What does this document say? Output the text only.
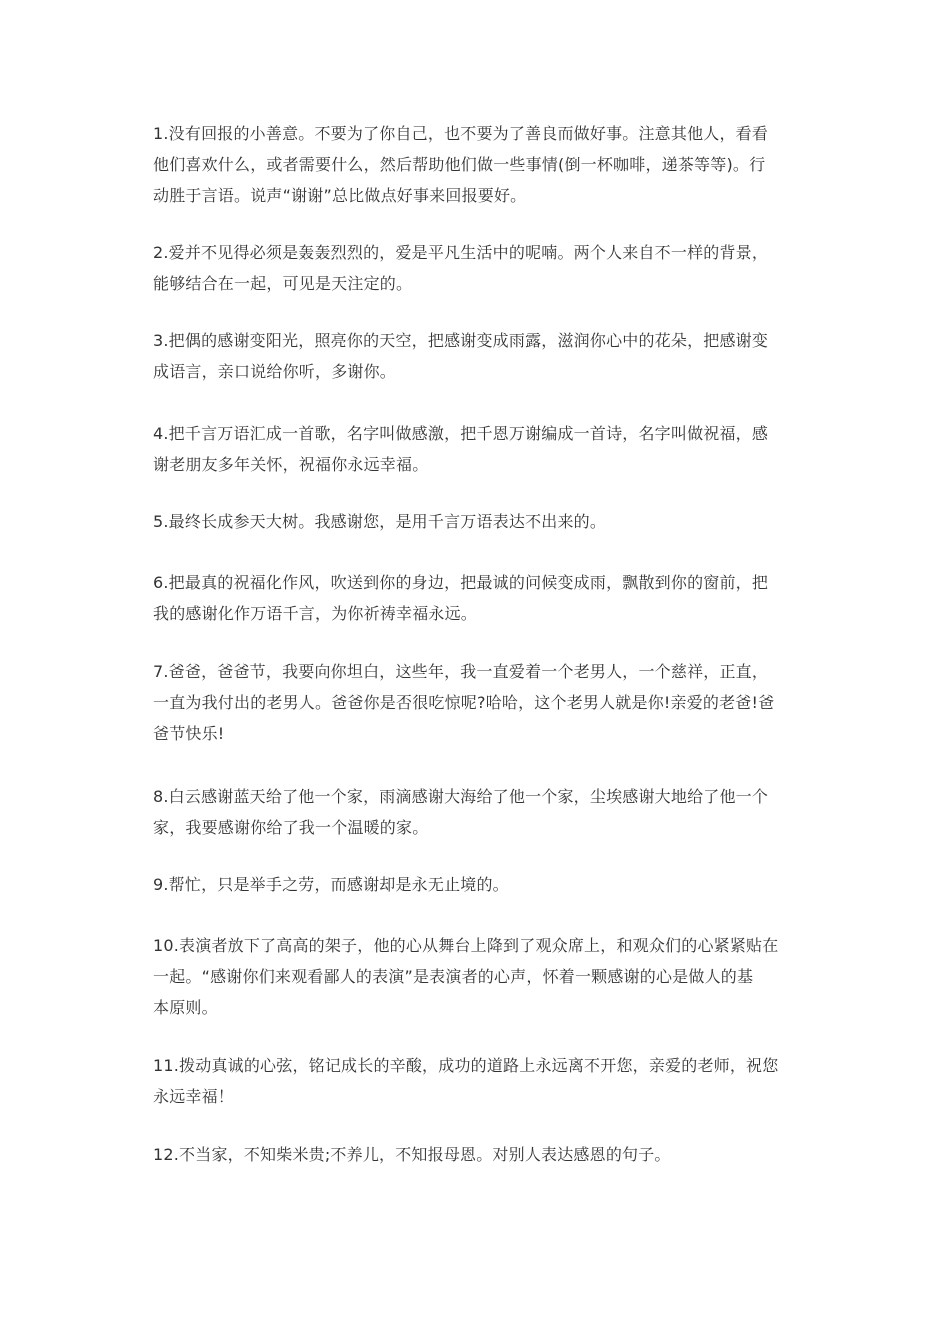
1.没有回报的小善意。不要为了你自己，也不要为了善良而做好事。注意其他人，看看
他们喜欢什么，或者需要什么，然后帮助他们做一些事情(倒一杯咖啡，递茶等等)。行
动胜于言语。说声“谢谢”总比做点好事来回报要好。
2.爱并不见得必须是轰轰烈烈的，爱是平凡生活中的呢喃。两个人来自不一样的背景，
能够结合在一起，可见是天注定的。
3.把偶的感谢变阳光，照亮你的天空，把感谢变成雨露，滋润你心中的花朵，把感谢变
成语言，亲口说给你听，多谢你。
4.把千言万语汇成一首歌，名字叫做感激，把千恩万谢编成一首诗，名字叫做祝福，感
谢老朋友多年关怀，祝福你永远幸福。
5.最终长成参天大树。我感谢您，是用千言万语表达不出来的。
6.把最真的祝福化作风，吹送到你的身边，把最诚的问候变成雨，飘散到你的窗前，把
我的感谢化作万语千言，为你祈祷幸福永远。
7.爸爸，爸爸节，我要向你坦白，这些年，我一直爱着一个老男人，一个慈祥，正直，
一直为我付出的老男人。爸爸你是否很吃惊呢?哈哈，这个老男人就是你!亲爱的老爸!爸
爸节快乐!
8.白云感谢蓝天给了他一个家，雨滴感谢大海给了他一个家，尘埃感谢大地给了他一个
家，我要感谢你给了我一个温暖的家。
9.帮忙，只是举手之劳，而感谢却是永无止境的。
10.表演者放下了高高的架子，他的心从舞台上降到了观众席上，和观众们的心紧紧贴在
一起。“感谢你们来观看鄙人的表演”是表演者的心声，怀着一颗感谢的心是做人的基
本原则。
11.拨动真诚的心弦，铭记成长的辛酸，成功的道路上永远离不开您，亲爱的老师，祝您
永远幸福！
12.不当家，不知柴米贵;不养儿，不知报母恩。对别人表达感恩的句子。
